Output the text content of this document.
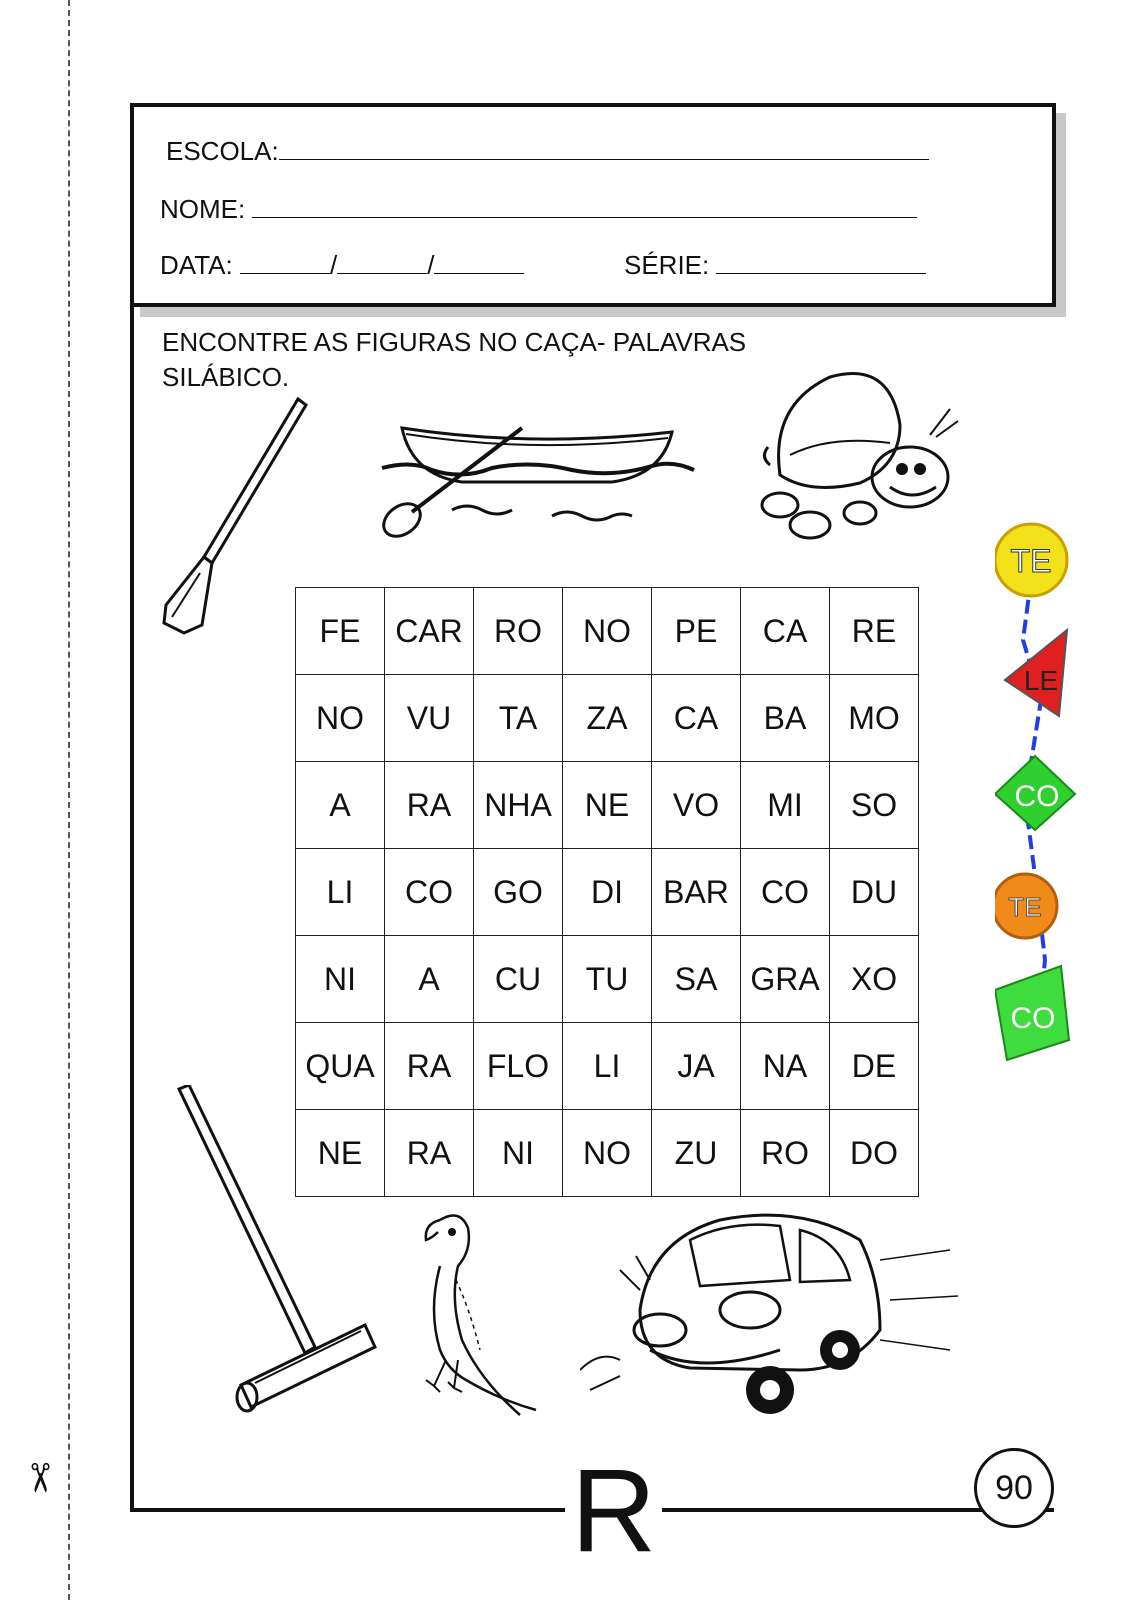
✂
ESCOLA:
NOME:
DATA:	/	/	SÉRIE:
ENCONTRE AS FIGURAS NO CAÇA- PALAVRAS SILÁBICO.
FE	CAR	RO	NO	PE	CA	RE
NO	VU	TA	ZA	CA	BA	MO
A	RA	NHA	NE	VO	MI	SO
LI	CO	GO	DI	BAR	CO	DU
NI	A	CU	TU	SA	GRA	XO
QUA	RA	FLO	LI	JA	NA	DE
NE	RA	NI	NO	ZU	RO	DO
TE
LE
CO
TE
CO
R	90
